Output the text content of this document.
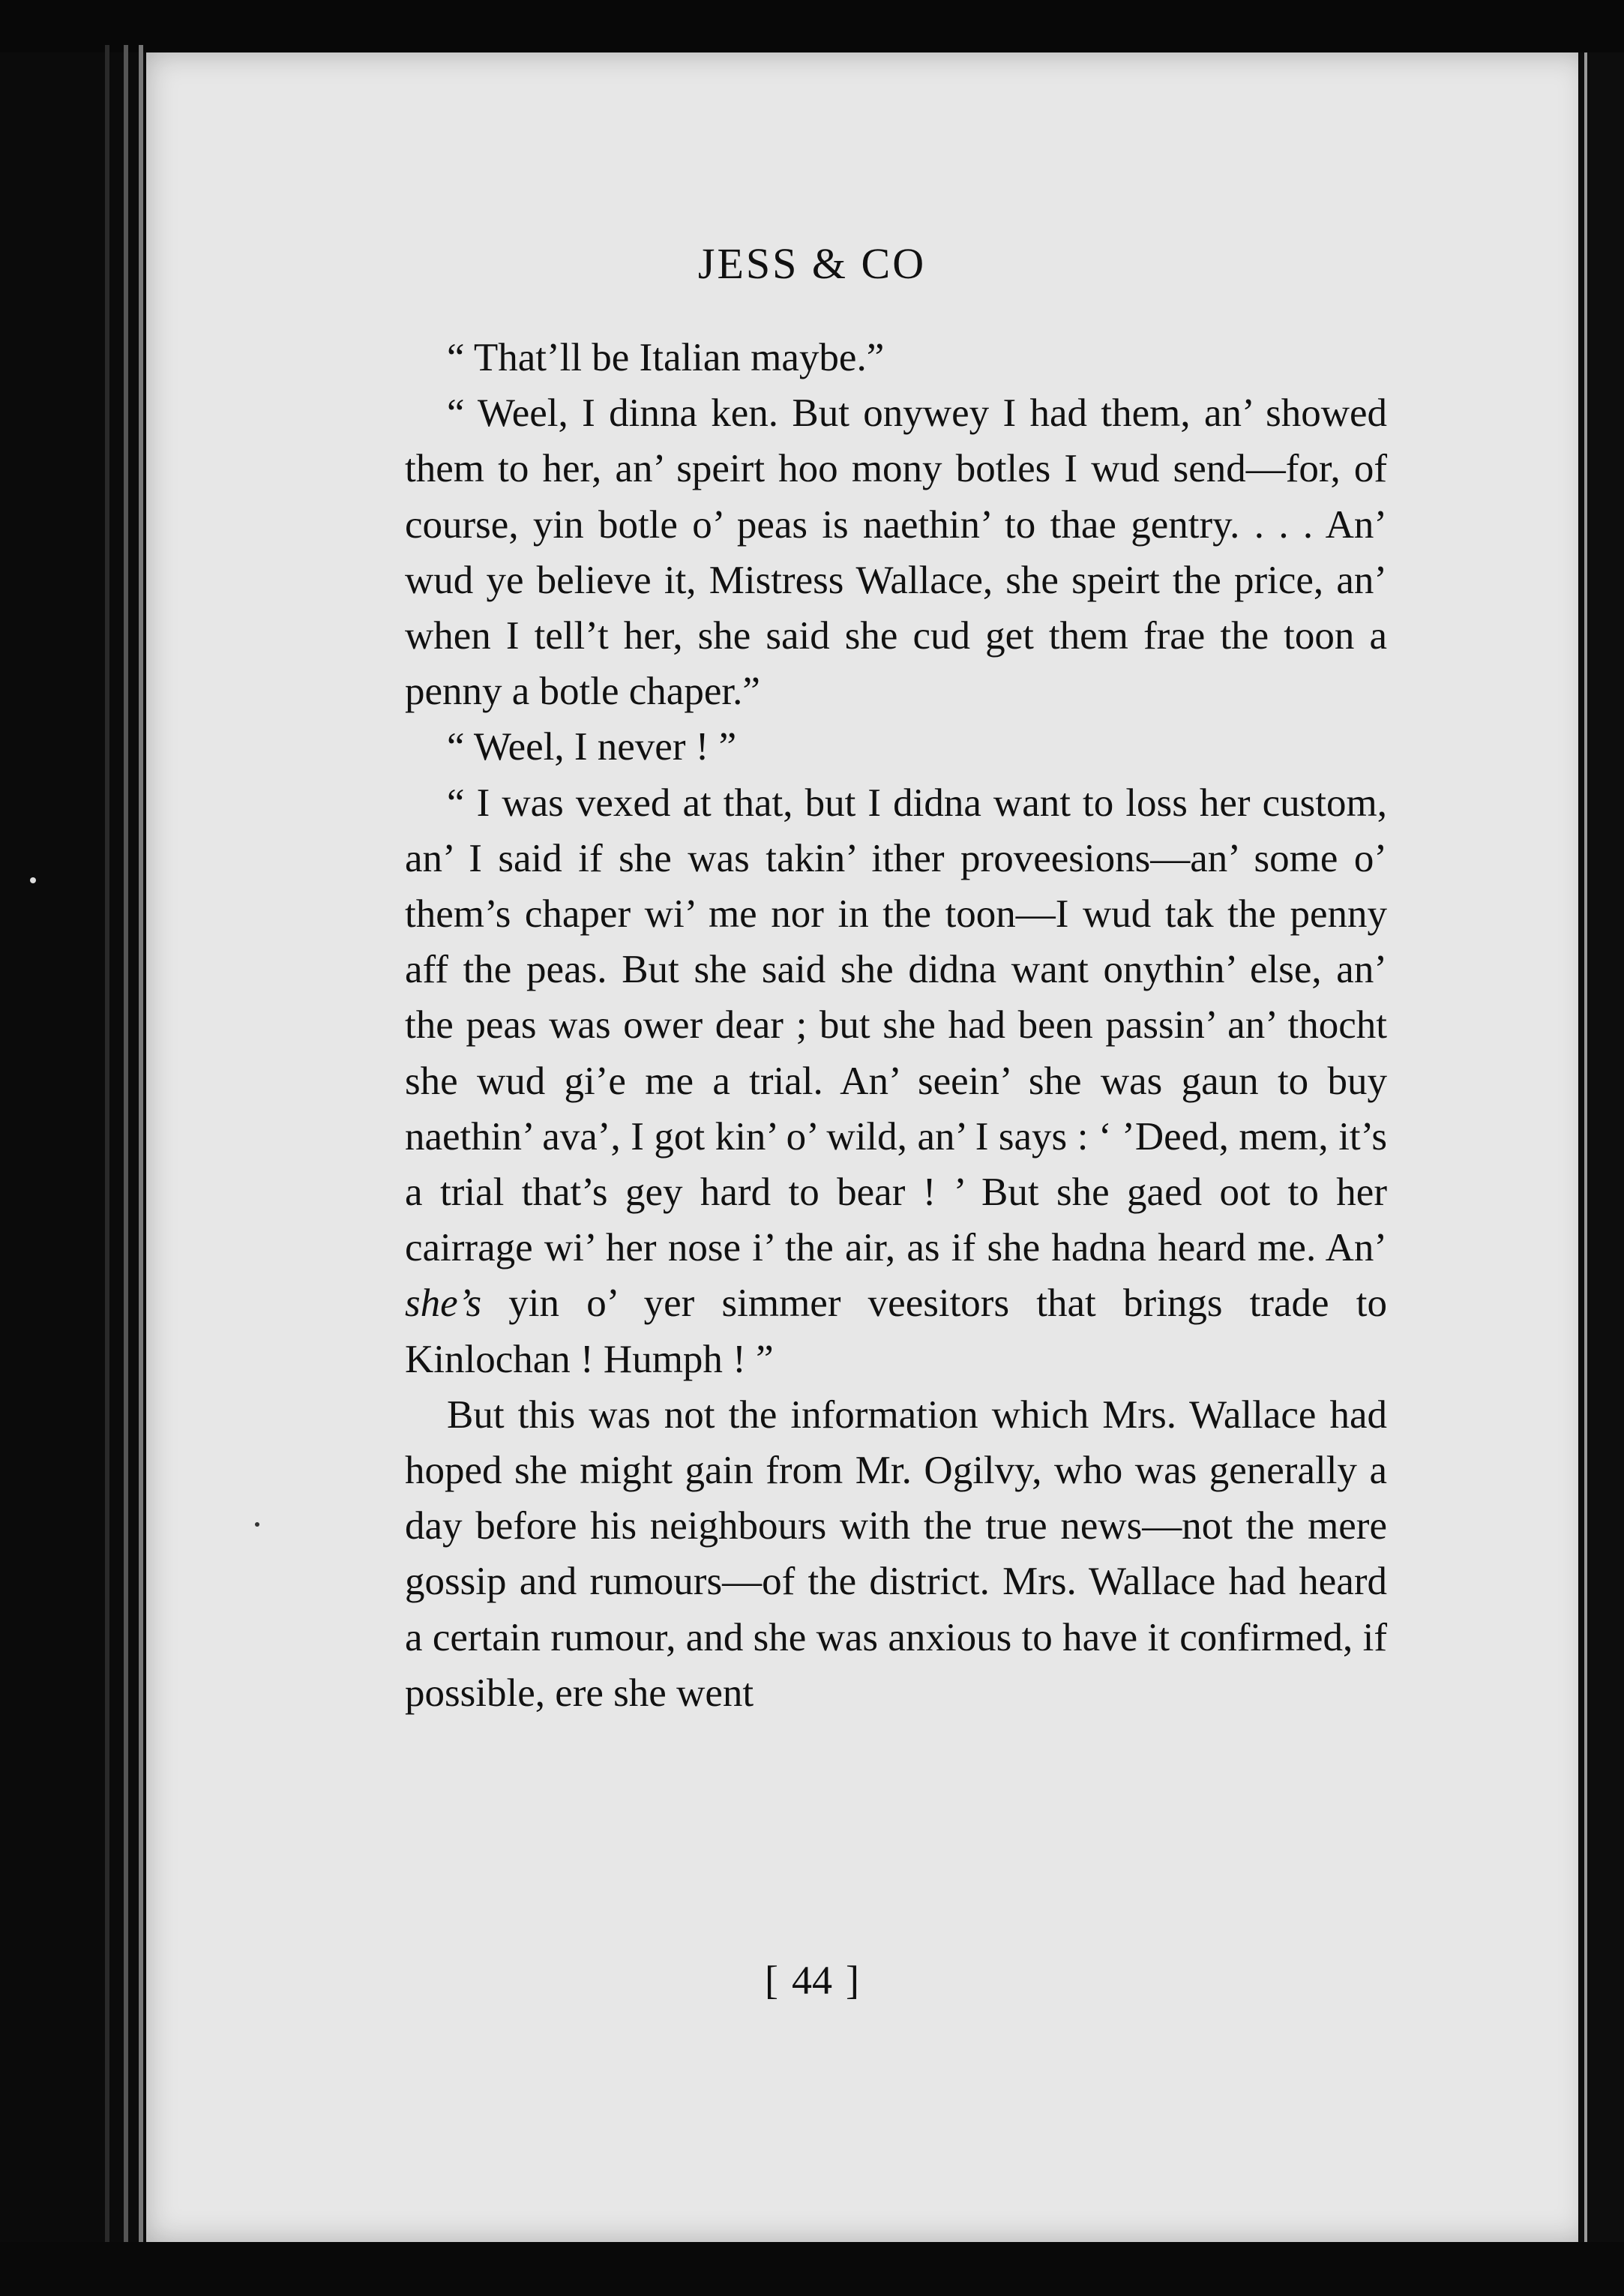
JESS & CO

“ That’ll be Italian maybe.”

“ Weel, I dinna ken. But onywey I had them, an’ showed them to her, an’ speirt hoo mony botles I wud send—for, of course, yin botle o’ peas is naethin’ to thae gentry. . . . An’ wud ye believe it, Mistress Wallace, she speirt the price, an’ when I tell’t her, she said she cud get them frae the toon a penny a botle chaper.”

“ Weel, I never ! ”

“ I was vexed at that, but I didna want to loss her custom, an’ I said if she was takin’ ither proveesions—an’ some o’ them’s chaper wi’ me nor in the toon—I wud tak the penny aff the peas. But she said she didna want onythin’ else, an’ the peas was ower dear ; but she had been passin’ an’ thocht she wud gi’e me a trial. An’ seein’ she was gaun to buy naethin’ ava’, I got kin’ o’ wild, an’ I says : ‘ ’Deed, mem, it’s a trial that’s gey hard to bear ! ’ But she gaed oot to her cairrage wi’ her nose i’ the air, as if she hadna heard me. An’ she’s yin o’ yer simmer veesitors that brings trade to Kinlochan ! Humph ! ”

But this was not the information which Mrs. Wallace had hoped she might gain from Mr. Ogilvy, who was generally a day before his neighbours with the true news—not the mere gossip and rumours—of the district. Mrs. Wallace had heard a certain rumour, and she was anxious to have it confirmed, if possible, ere she went

[ 44 ]
